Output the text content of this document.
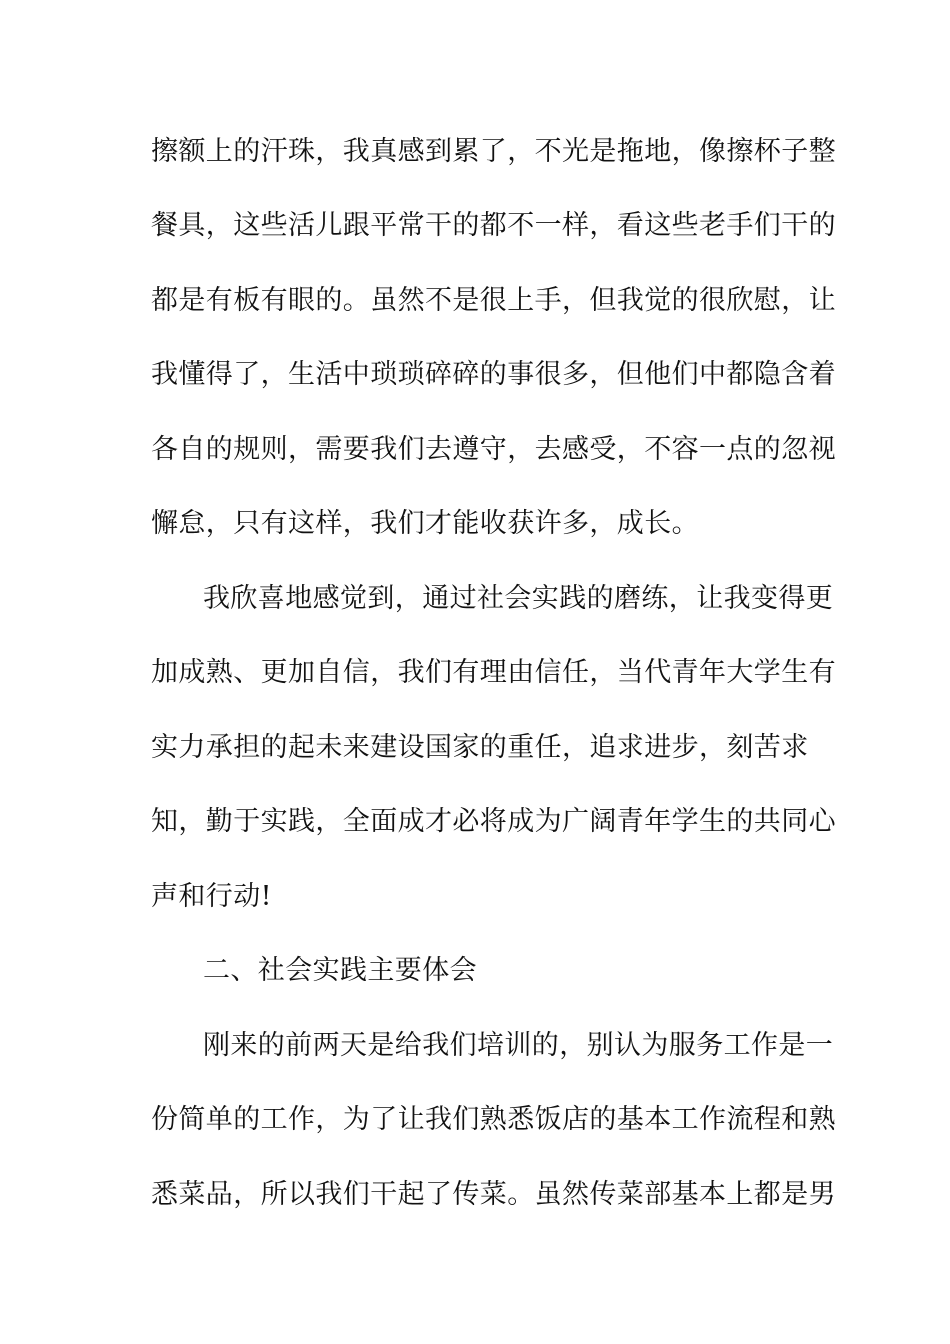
擦额上的汗珠，我真感到累了，不光是拖地，像擦杯子整
餐具，这些活儿跟平常干的都不一样，看这些老手们干的
都是有板有眼的。虽然不是很上手，但我觉的很欣慰，让
我懂得了，生活中琐琐碎碎的事很多，但他们中都隐含着
各自的规则，需要我们去遵守，去感受，不容一点的忽视
懈怠，只有这样，我们才能收获许多，成长。
我欣喜地感觉到，通过社会实践的磨练，让我变得更
加成熟、更加自信，我们有理由信任，当代青年大学生有
实力承担的起未来建设国家的重任，追求进步，刻苦求
知，勤于实践，全面成才必将成为广阔青年学生的共同心
声和行动!
二、社会实践主要体会
刚来的前两天是给我们培训的，别认为服务工作是一
份简单的工作，为了让我们熟悉饭店的基本工作流程和熟
悉菜品，所以我们干起了传菜。虽然传菜部基本上都是男
